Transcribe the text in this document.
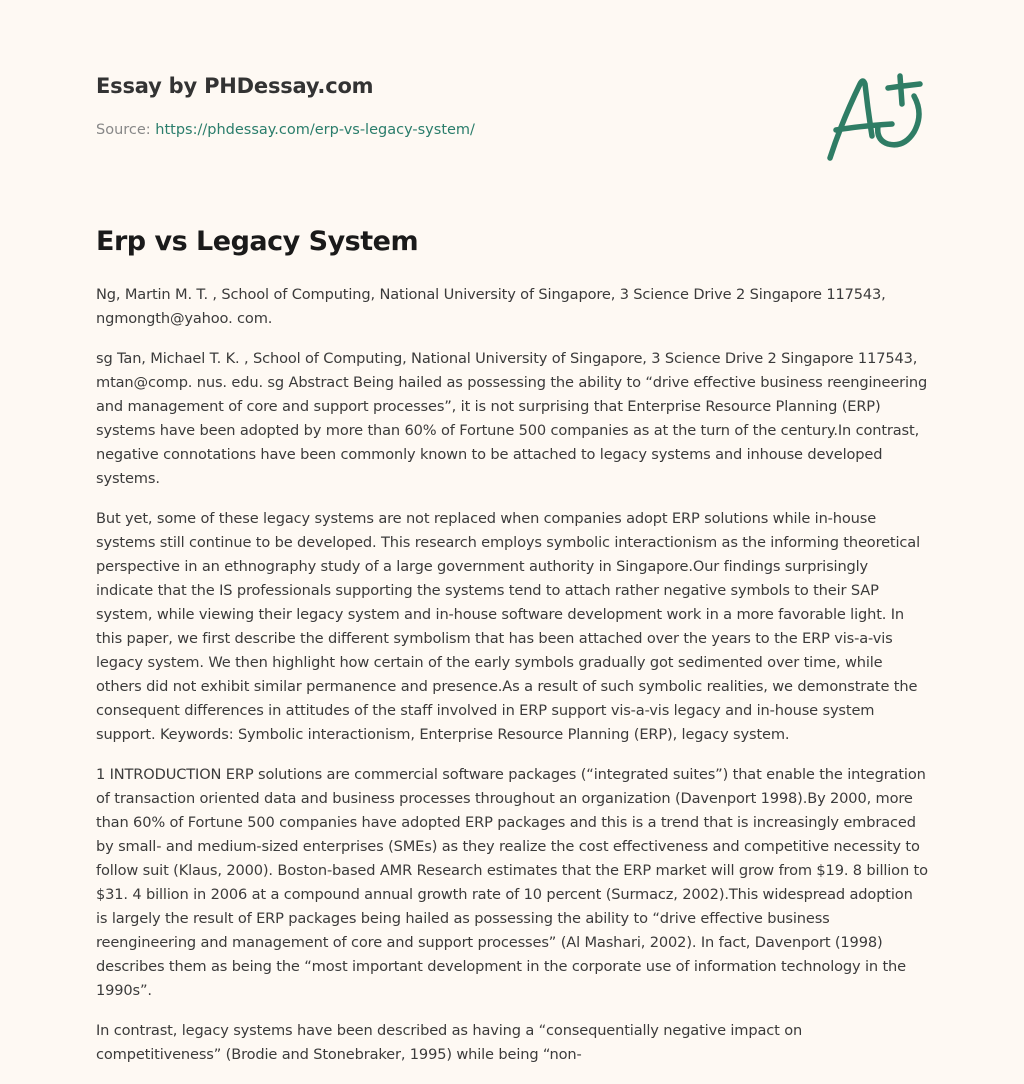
Essay by PHDessay.com
Source: https://phdessay.com/erp-vs-legacy-system/
Erp vs Legacy System

Ng, Martin M. T. , School of Computing, National University of Singapore, 3 Science Drive 2 Singapore 117543, ngmongth@yahoo. com.

sg Tan, Michael T. K. , School of Computing, National University of Singapore, 3 Science Drive 2 Singapore 117543, mtan@comp. nus. edu. sg Abstract Being hailed as possessing the ability to “drive effective business reengineering and management of core and support processes”, it is not surprising that Enterprise Resource Planning (ERP) systems have been adopted by more than 60% of Fortune 500 companies as at the turn of the century.In contrast, negative connotations have been commonly known to be attached to legacy systems and inhouse developed systems.

But yet, some of these legacy systems are not replaced when companies adopt ERP solutions while in-house systems still continue to be developed. This research employs symbolic interactionism as the informing theoretical perspective in an ethnography study of a large government authority in Singapore.Our findings surprisingly indicate that the IS professionals supporting the systems tend to attach rather negative symbols to their SAP system, while viewing their legacy system and in-house software development work in a more favorable light. In this paper, we first describe the different symbolism that has been attached over the years to the ERP vis-a-vis legacy system. We then highlight how certain of the early symbols gradually got sedimented over time, while others did not exhibit similar permanence and presence.As a result of such symbolic realities, we demonstrate the consequent differences in attitudes of the staff involved in ERP support vis-a-vis legacy and in-house system support. Keywords: Symbolic interactionism, Enterprise Resource Planning (ERP), legacy system.

1 INTRODUCTION ERP solutions are commercial software packages (“integrated suites”) that enable the integration of transaction oriented data and business processes throughout an organization (Davenport 1998).By 2000, more than 60% of Fortune 500 companies have adopted ERP packages and this is a trend that is increasingly embraced by small- and medium-sized enterprises (SMEs) as they realize the cost effectiveness and competitive necessity to follow suit (Klaus, 2000). Boston-based AMR Research estimates that the ERP market will grow from $19. 8 billion to $31. 4 billion in 2006 at a compound annual growth rate of 10 percent (Surmacz, 2002).This widespread adoption is largely the result of ERP packages being hailed as possessing the ability to “drive effective business reengineering and management of core and support processes” (Al Mashari, 2002). In fact, Davenport (1998) describes them as being the “most important development in the corporate use of information technology in the 1990s”.

In contrast, legacy systems have been described as having a “consequentially negative impact on competitiveness” (Brodie and Stonebraker, 1995) while being “non-
